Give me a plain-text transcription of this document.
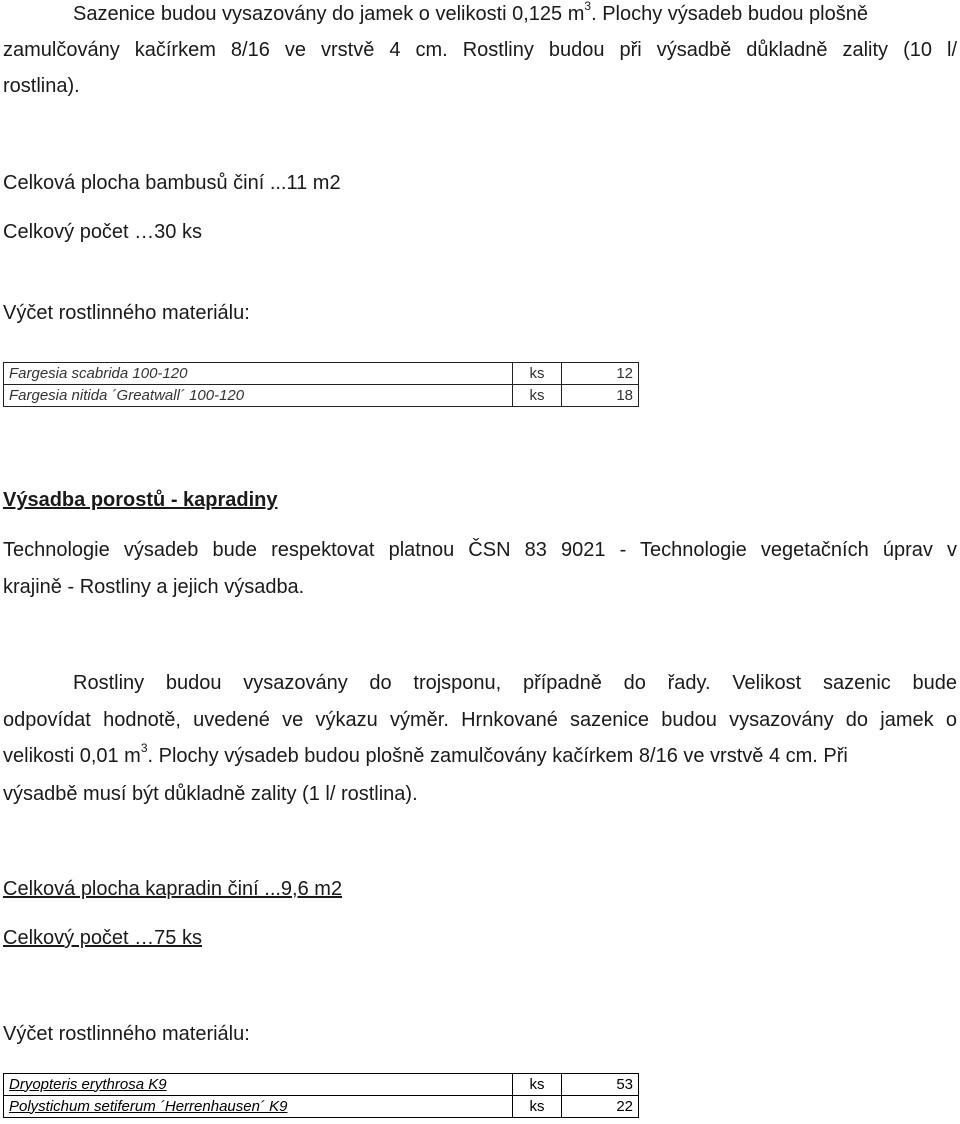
Sazenice budou vysazovány do jamek o velikosti 0,125 $m^3$. Plochy výsadeb budou plošně
zamulčovány kačírkem 8/16 ve vrstvě 4 cm. Rostliny budou při výsadbě důkladně zality (10 l/
rostlina).
Celková plocha bambusů činí ...11 m2
Celkový počet …30 ks
Výčet rostlinného materiálu:
Fargesia scabrida 100-120	ks	12
Fargesia nitida ´Greatwall´ 100-120	ks	18
Výsadba porostů - kapradiny
Technologie výsadeb bude respektovat platnou ČSN 83 9021 - Technologie vegetačních úprav v
krajině - Rostliny a jejich výsadba.
Rostliny budou vysazovány do trojsponu, případně do řady. Velikost sazenic bude
odpovídat hodnotě, uvedené ve výkazu výměr. Hrnkované sazenice budou vysazovány do jamek o
velikosti 0,01 $m^3$. Plochy výsadeb budou plošně zamulčovány kačírkem 8/16 ve vrstvě 4 cm. Při
výsadbě musí být důkladně zality (1 l/ rostlina).
Celková plocha kapradin činí ...9,6 m2
Celkový počet …75 ks
Výčet rostlinného materiálu:
Dryopteris erythrosa K9	ks	53
Polystichum setiferum ´Herrenhausen´ K9	ks	22
